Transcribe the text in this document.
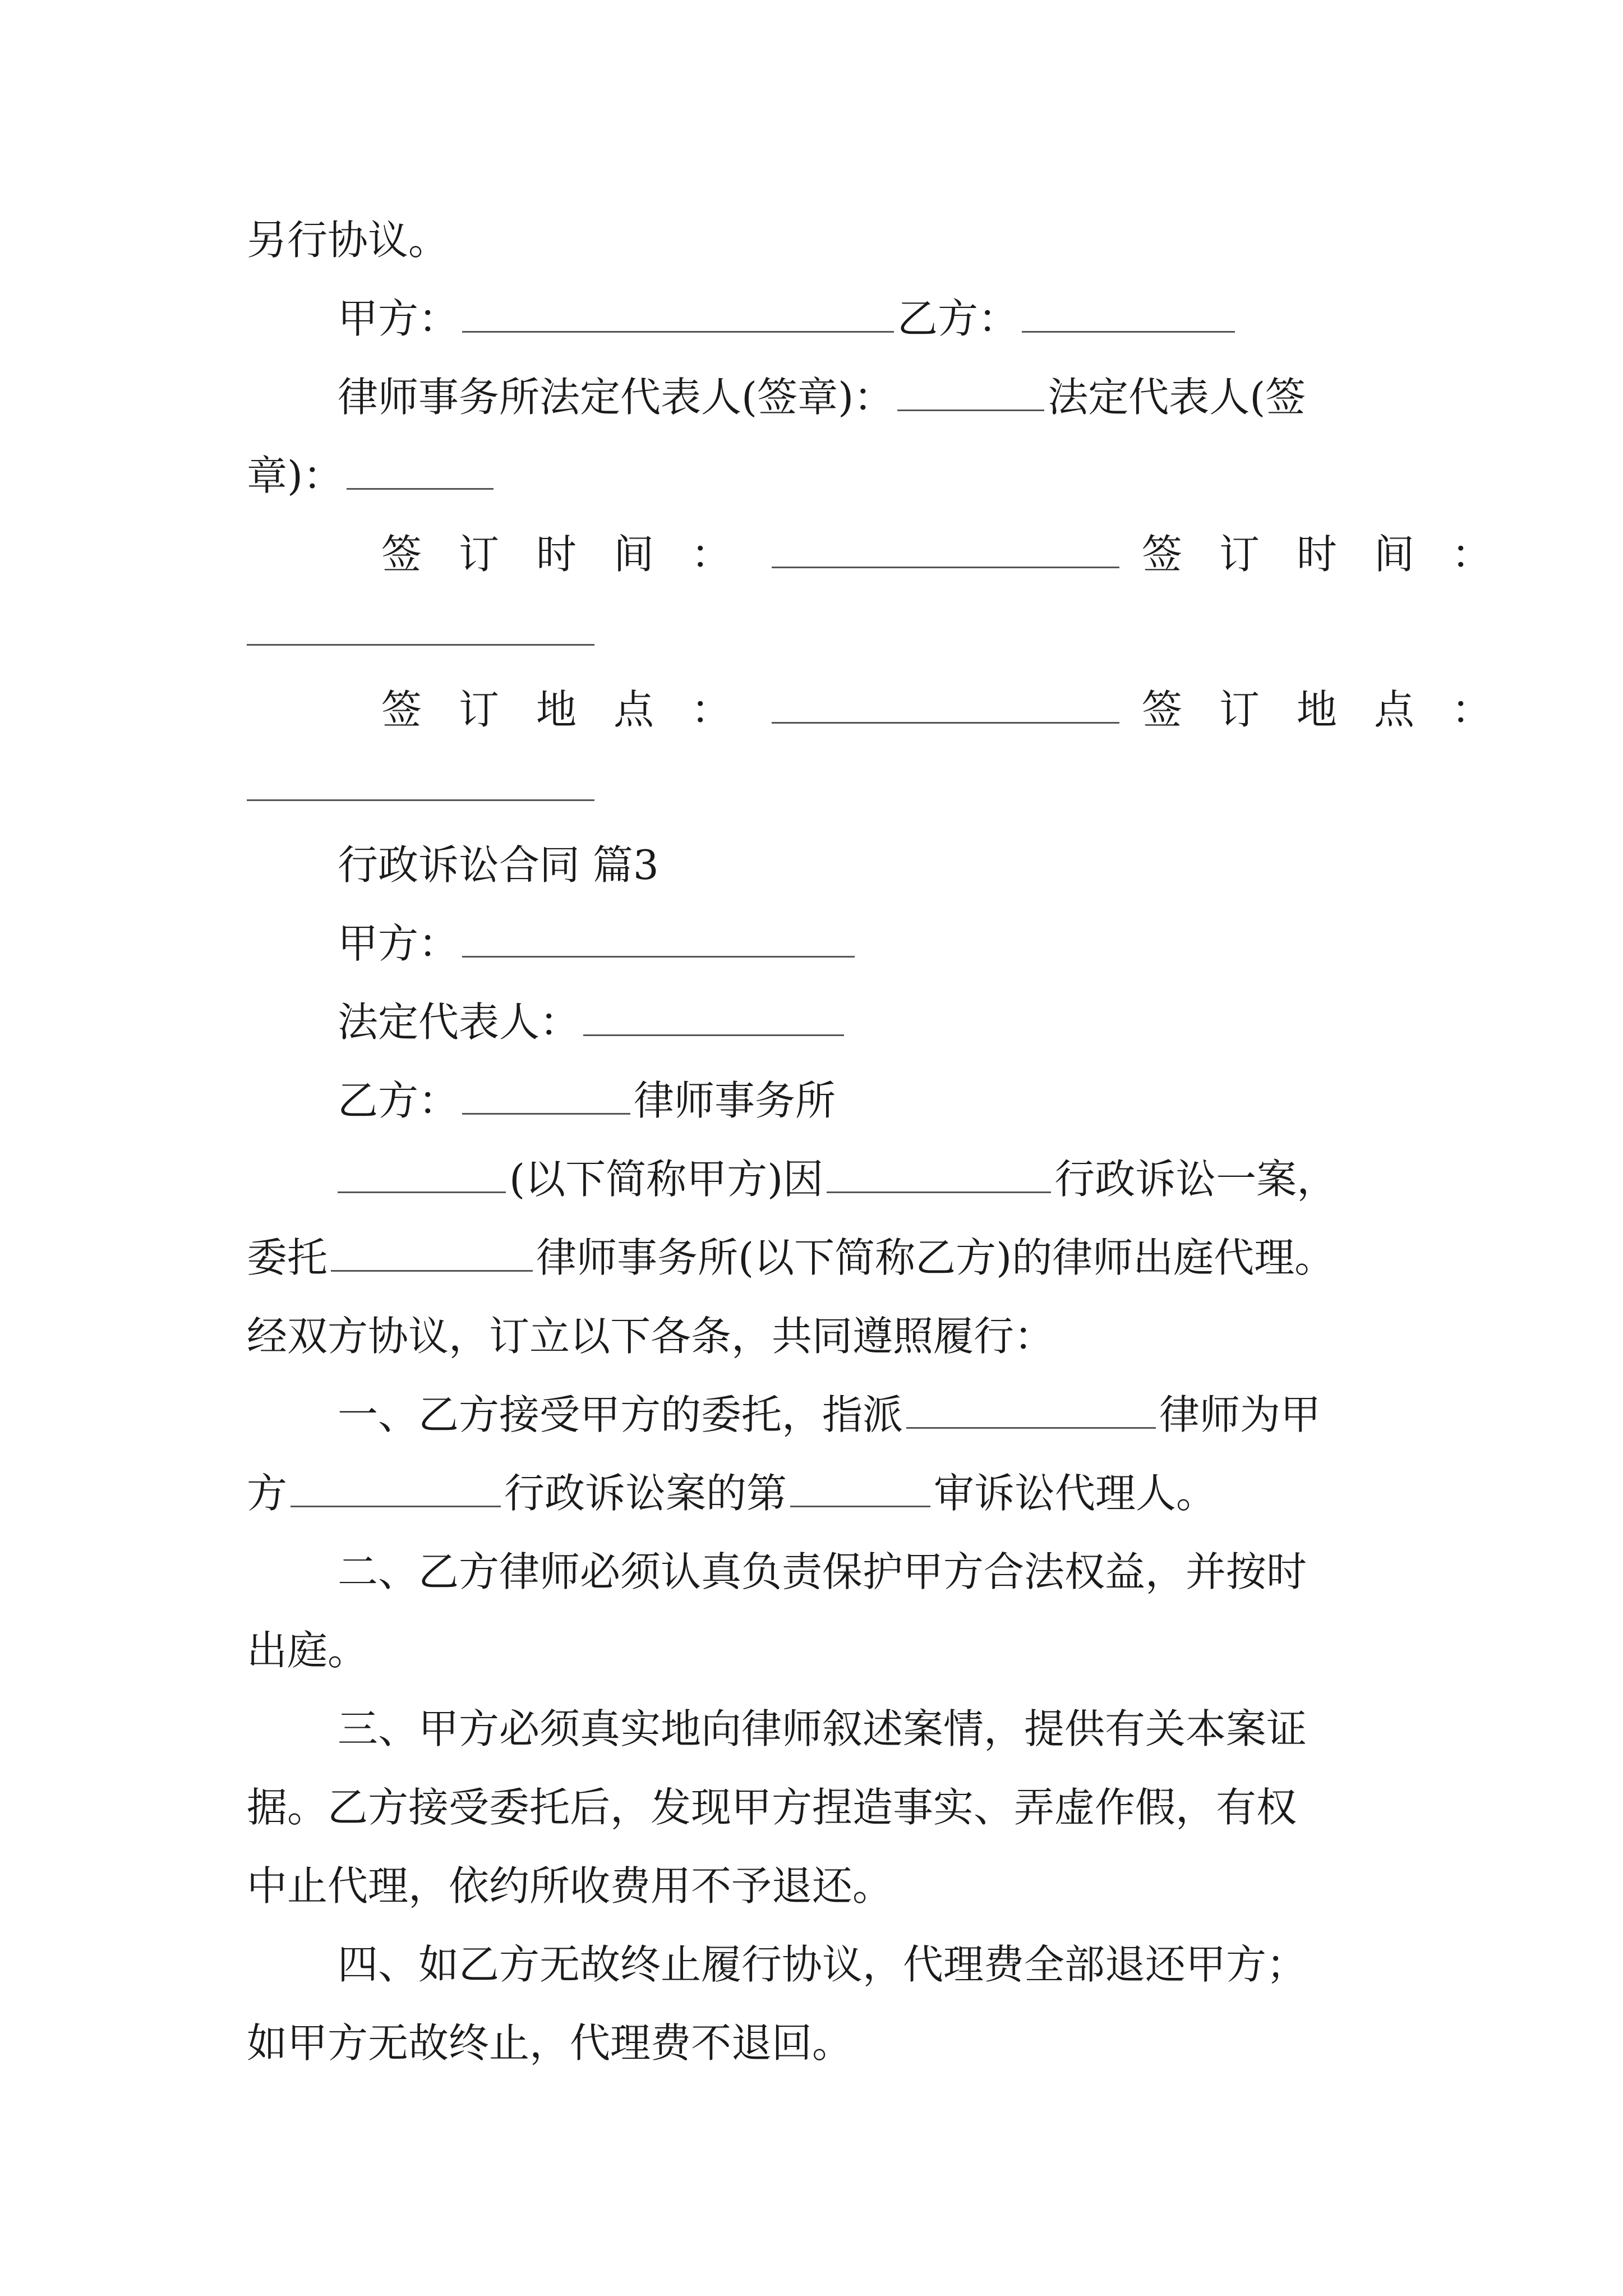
另行协议。
甲方：	乙方：
律师事务所法定代表人(签章)：	法定代表人(签
章)：
签订时间：	签订时间：
签订地点：	签订地点：
行政诉讼合同 篇3
甲方：
法定代表人：
乙方：	律师事务所
(以下简称甲方)因	行政诉讼一案，
委托	律师事务所(以下简称乙方)的律师出庭代理。
经双方协议，订立以下各条，共同遵照履行：
一、乙方接受甲方的委托，指派	律师为甲
方	行政诉讼案的第	审诉讼代理人。
二、乙方律师必须认真负责保护甲方合法权益，并按时
出庭。
三、甲方必须真实地向律师叙述案情，提供有关本案证
据。乙方接受委托后，发现甲方捏造事实、弄虚作假，有权
中止代理，依约所收费用不予退还。
四、如乙方无故终止履行协议，代理费全部退还甲方；
如甲方无故终止，代理费不退回。
